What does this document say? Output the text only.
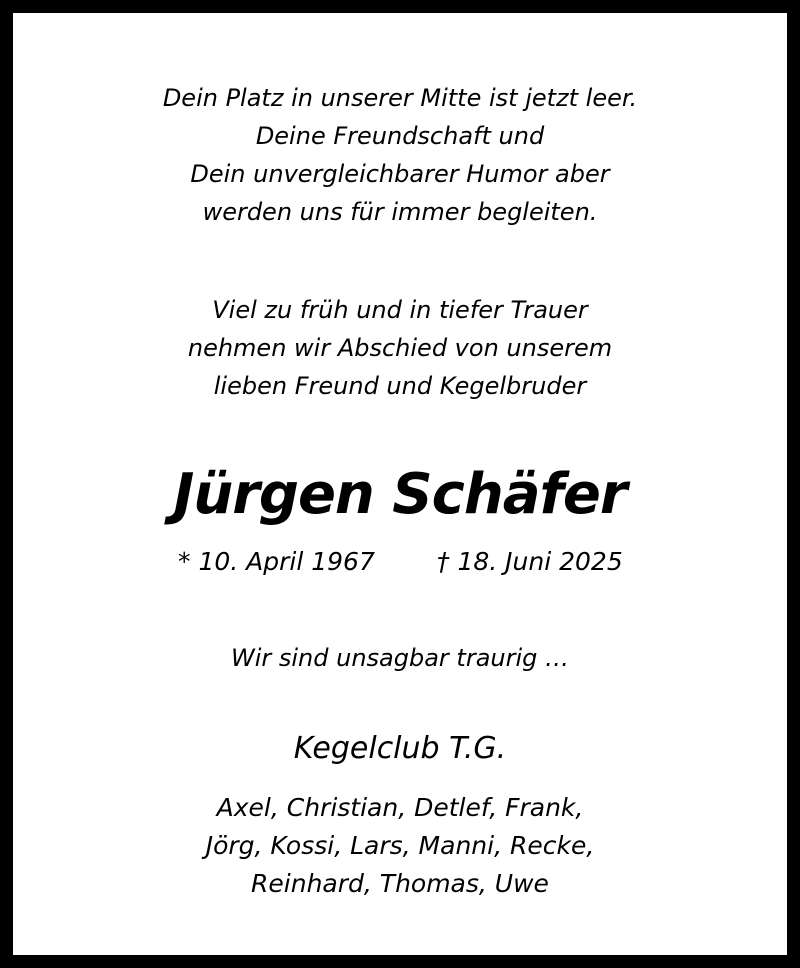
Dein Platz in unserer Mitte ist jetzt leer.
Deine Freundschaft und
Dein unvergleichbarer Humor aber
werden uns für immer begleiten.
Viel zu früh und in tiefer Trauer
nehmen wir Abschied von unserem
lieben Freund und Kegelbruder
Jürgen Schäfer
* 10. April 1967 † 18. Juni 2025
Wir sind unsagbar traurig …
Kegelclub T.G.
Axel, Christian, Detlef, Frank,
Jörg, Kossi, Lars, Manni, Recke,
Reinhard, Thomas, Uwe
